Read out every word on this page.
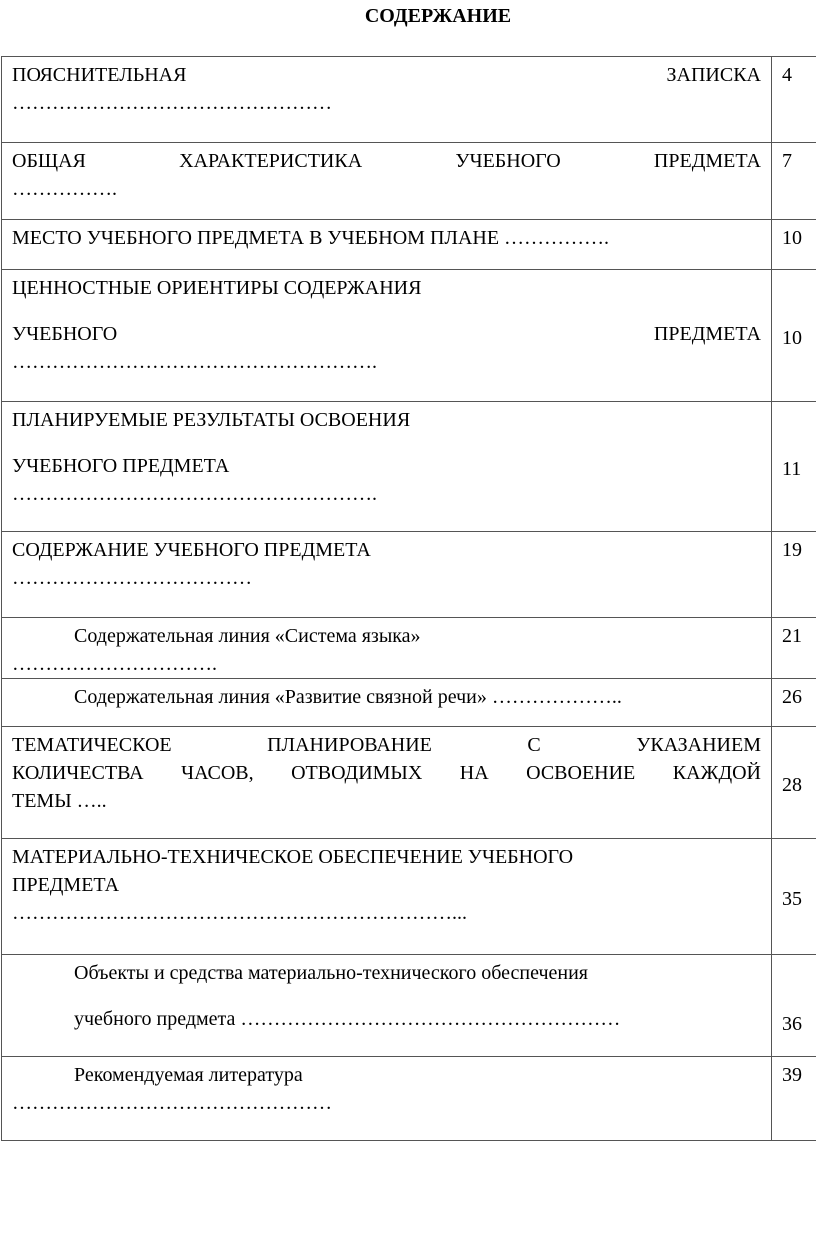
СОДЕРЖАНИЕ
ПОЯСНИТЕЛЬНАЯ ЗАПИСКА
…………………………………………	4

ОБЩАЯ ХАРАКТЕРИСТИКА УЧЕБНОГО ПРЕДМЕТА
…………….	7

МЕСТО УЧЕБНОГО ПРЕДМЕТА В УЧЕБНОМ ПЛАНЕ …………….	10

ЦЕННОСТНЫЕ ОРИЕНТИРЫ СОДЕРЖАНИЯ
УЧЕБНОГО ПРЕДМЕТА
……………………………………………….	10

ПЛАНИРУЕМЫЕ РЕЗУЛЬТАТЫ ОСВОЕНИЯ
УЧЕБНОГО ПРЕДМЕТА
……………………………………………….	11

СОДЕРЖАНИЕ УЧЕБНОГО ПРЕДМЕТА
………………………………	19

Содержательная линия «Система языка»
………………………….	21

Содержательная линия «Развитие связной речи» ………………..	26

ТЕМАТИЧЕСКОЕ ПЛАНИРОВАНИЕ С УКАЗАНИЕМ
КОЛИЧЕСТВА ЧАСОВ, ОТВОДИМЫХ НА ОСВОЕНИЕ КАЖДОЙ
ТЕМЫ …..	28

МАТЕРИАЛЬНО-ТЕХНИЧЕСКОЕ ОБЕСПЕЧЕНИЕ УЧЕБНОГО
ПРЕДМЕТА
…………………………………………………………...	35

Объекты и средства материально-технического обеспечения
учебного предмета …………………………………………………	36

Рекомендуемая литература
…………………………………………	39
